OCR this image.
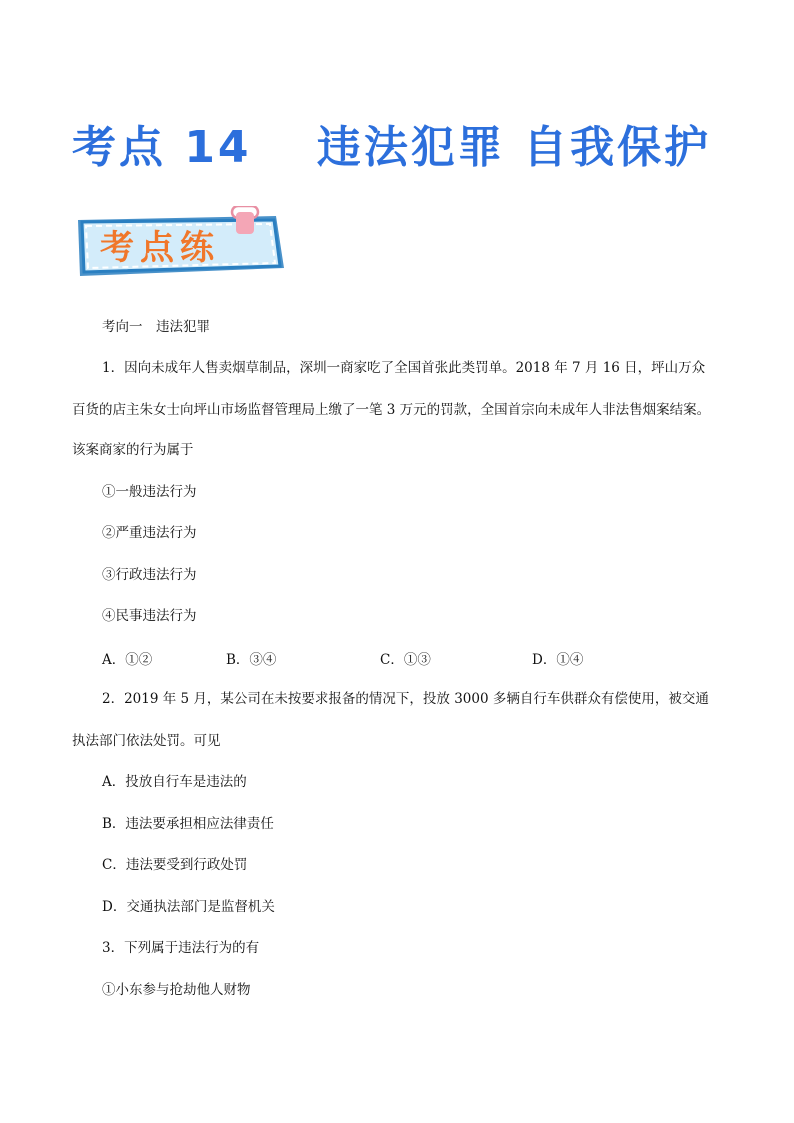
考点 14　 违法犯罪 自我保护
考点练
考向一　违法犯罪
1．因向未成年人售卖烟草制品，深圳一商家吃了全国首张此类罚单。2018 年 7 月 16 日，坪山万众
百货的店主朱女士向坪山市场监督管理局上缴了一笔 3 万元的罚款，全国首宗向未成年人非法售烟案结案。
该案商家的行为属于
①一般违法行为
②严重违法行为
③行政违法行为
④民事违法行为
A．①②	B．③④	C．①③	D．①④
2．2019 年 5 月，某公司在未按要求报备的情况下，投放 3000 多辆自行车供群众有偿使用，被交通
执法部门依法处罚。可见
A．投放自行车是违法的
B．违法要承担相应法律责任
C．违法要受到行政处罚
D．交通执法部门是监督机关
3．下列属于违法行为的有
①小东参与抢劫他人财物
